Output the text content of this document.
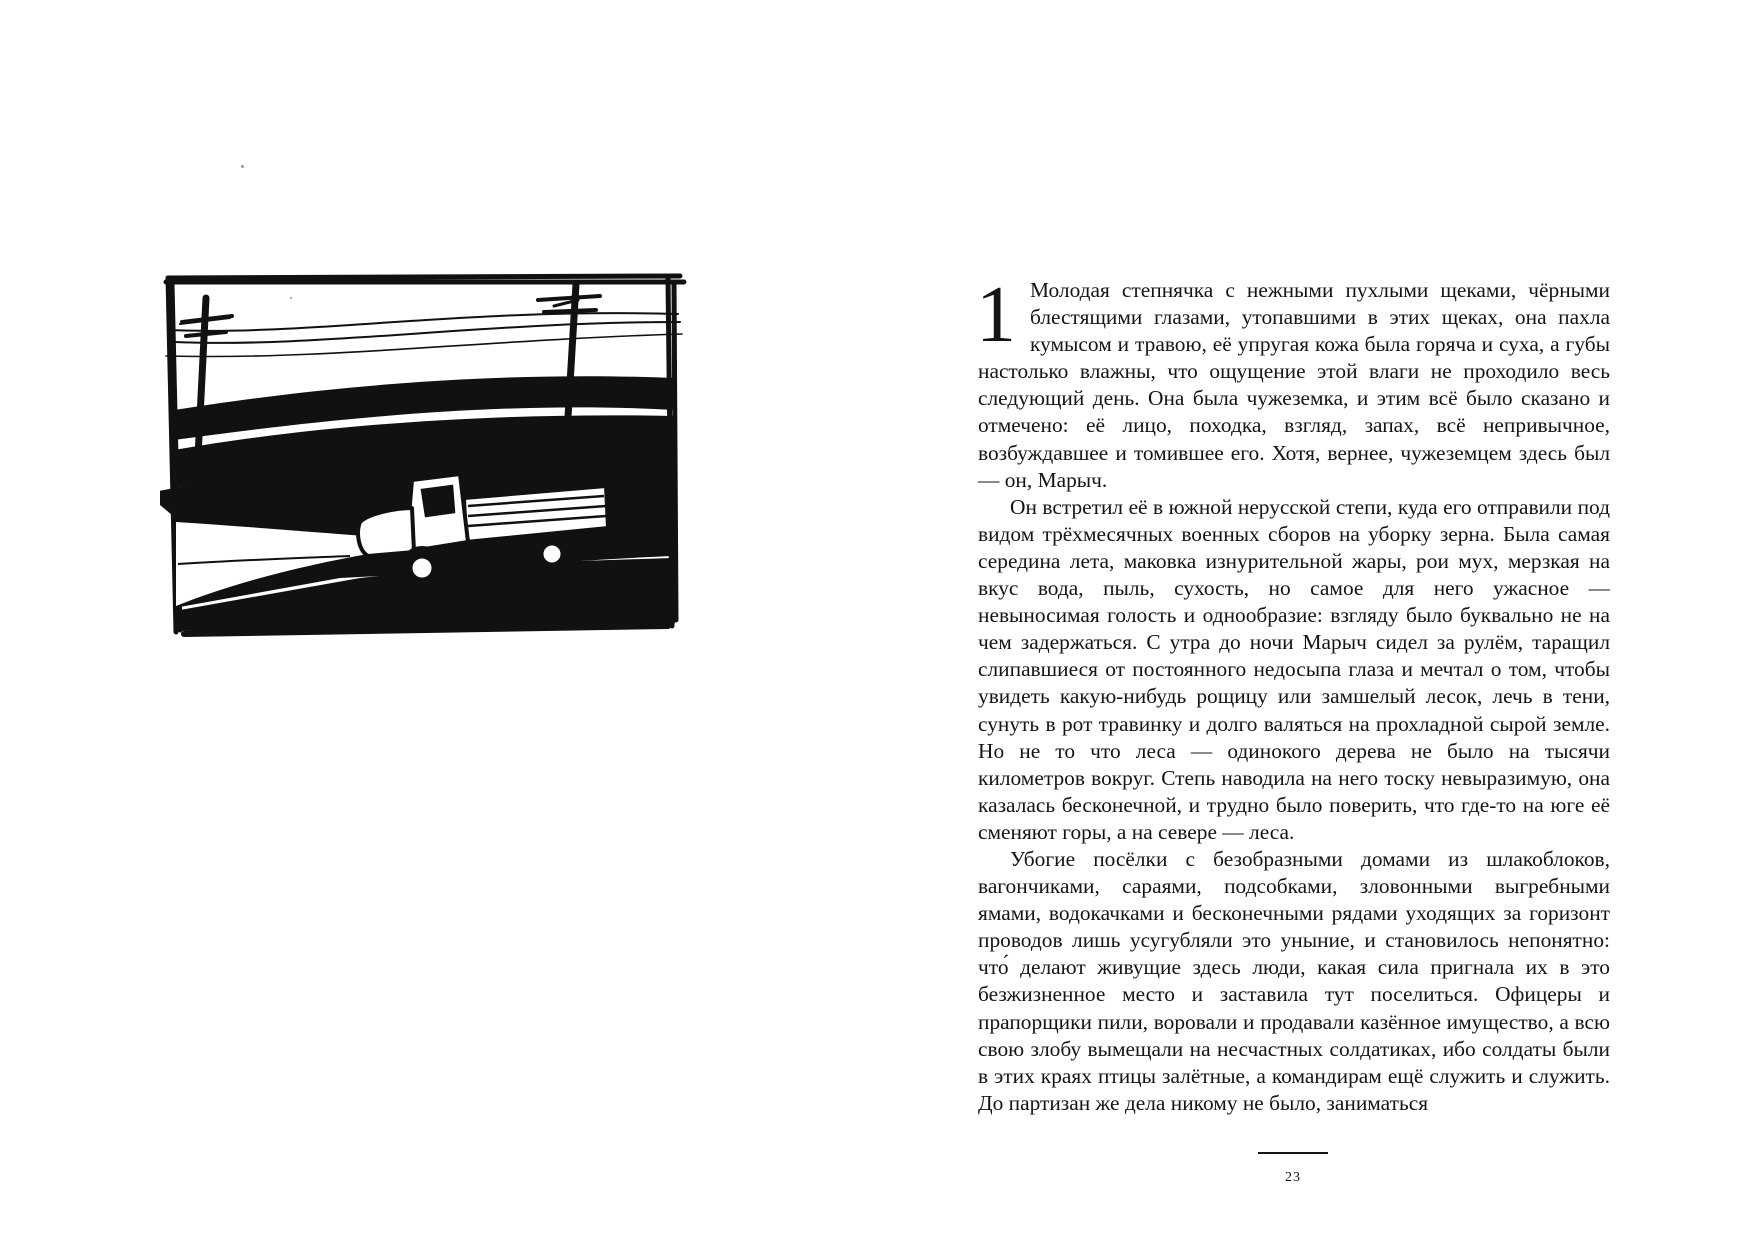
1 Молодая степнячка с нежными пухлыми щеками, чёрными блестящими глазами, утопавшими в этих щеках, она пахла кумысом и травою, её упругая кожа была горяча и суха, а губы настолько влажны, что ощущение этой влаги не проходило весь следующий день. Она была чужеземка, и этим всё было сказано и отмечено: её лицо, походка, взгляд, запах, всё непривычное, возбуждавшее и томившее его. Хотя, вернее, чужеземцем здесь был — он, Марыч.

Он встретил её в южной нерусской степи, куда его отправили под видом трёхмесячных военных сборов на уборку зерна. Была самая середина лета, маковка изнурительной жары, рои мух, мерзкая на вкус вода, пыль, сухость, но самое для него ужасное — невыносимая голость и однообразие: взгляду было буквально не на чем задержаться. С утра до ночи Марыч сидел за рулём, таращил слипавшиеся от постоянного недосыпа глаза и мечтал о том, чтобы увидеть какую-нибудь рощицу или замшелый лесок, лечь в тени, сунуть в рот травинку и долго валяться на прохладной сырой земле. Но не то что леса — одинокого дерева не было на тысячи километров вокруг. Степь наводила на него тоску невыразимую, она казалась бесконечной, и трудно было поверить, что где-то на юге её сменяют горы, а на севере — леса.

Убогие посёлки с безобразными домами из шлакоблоков, вагончиками, сараями, подсобками, зловонными выгребными ямами, водокачками и бесконечными рядами уходящих за горизонт проводов лишь усугубляли это уныние, и становилось непонятно: что́ делают живущие здесь люди, какая сила пригнала их в это безжизненное место и заставила тут поселиться. Офицеры и прапорщики пили, воровали и продавали казённое имущество, а всю свою злобу вымещали на несчастных солдатиках, ибо солдаты были в этих краях птицы залётные, а командирам ещё служить и служить. До партизан же дела никому не было, заниматься

23
